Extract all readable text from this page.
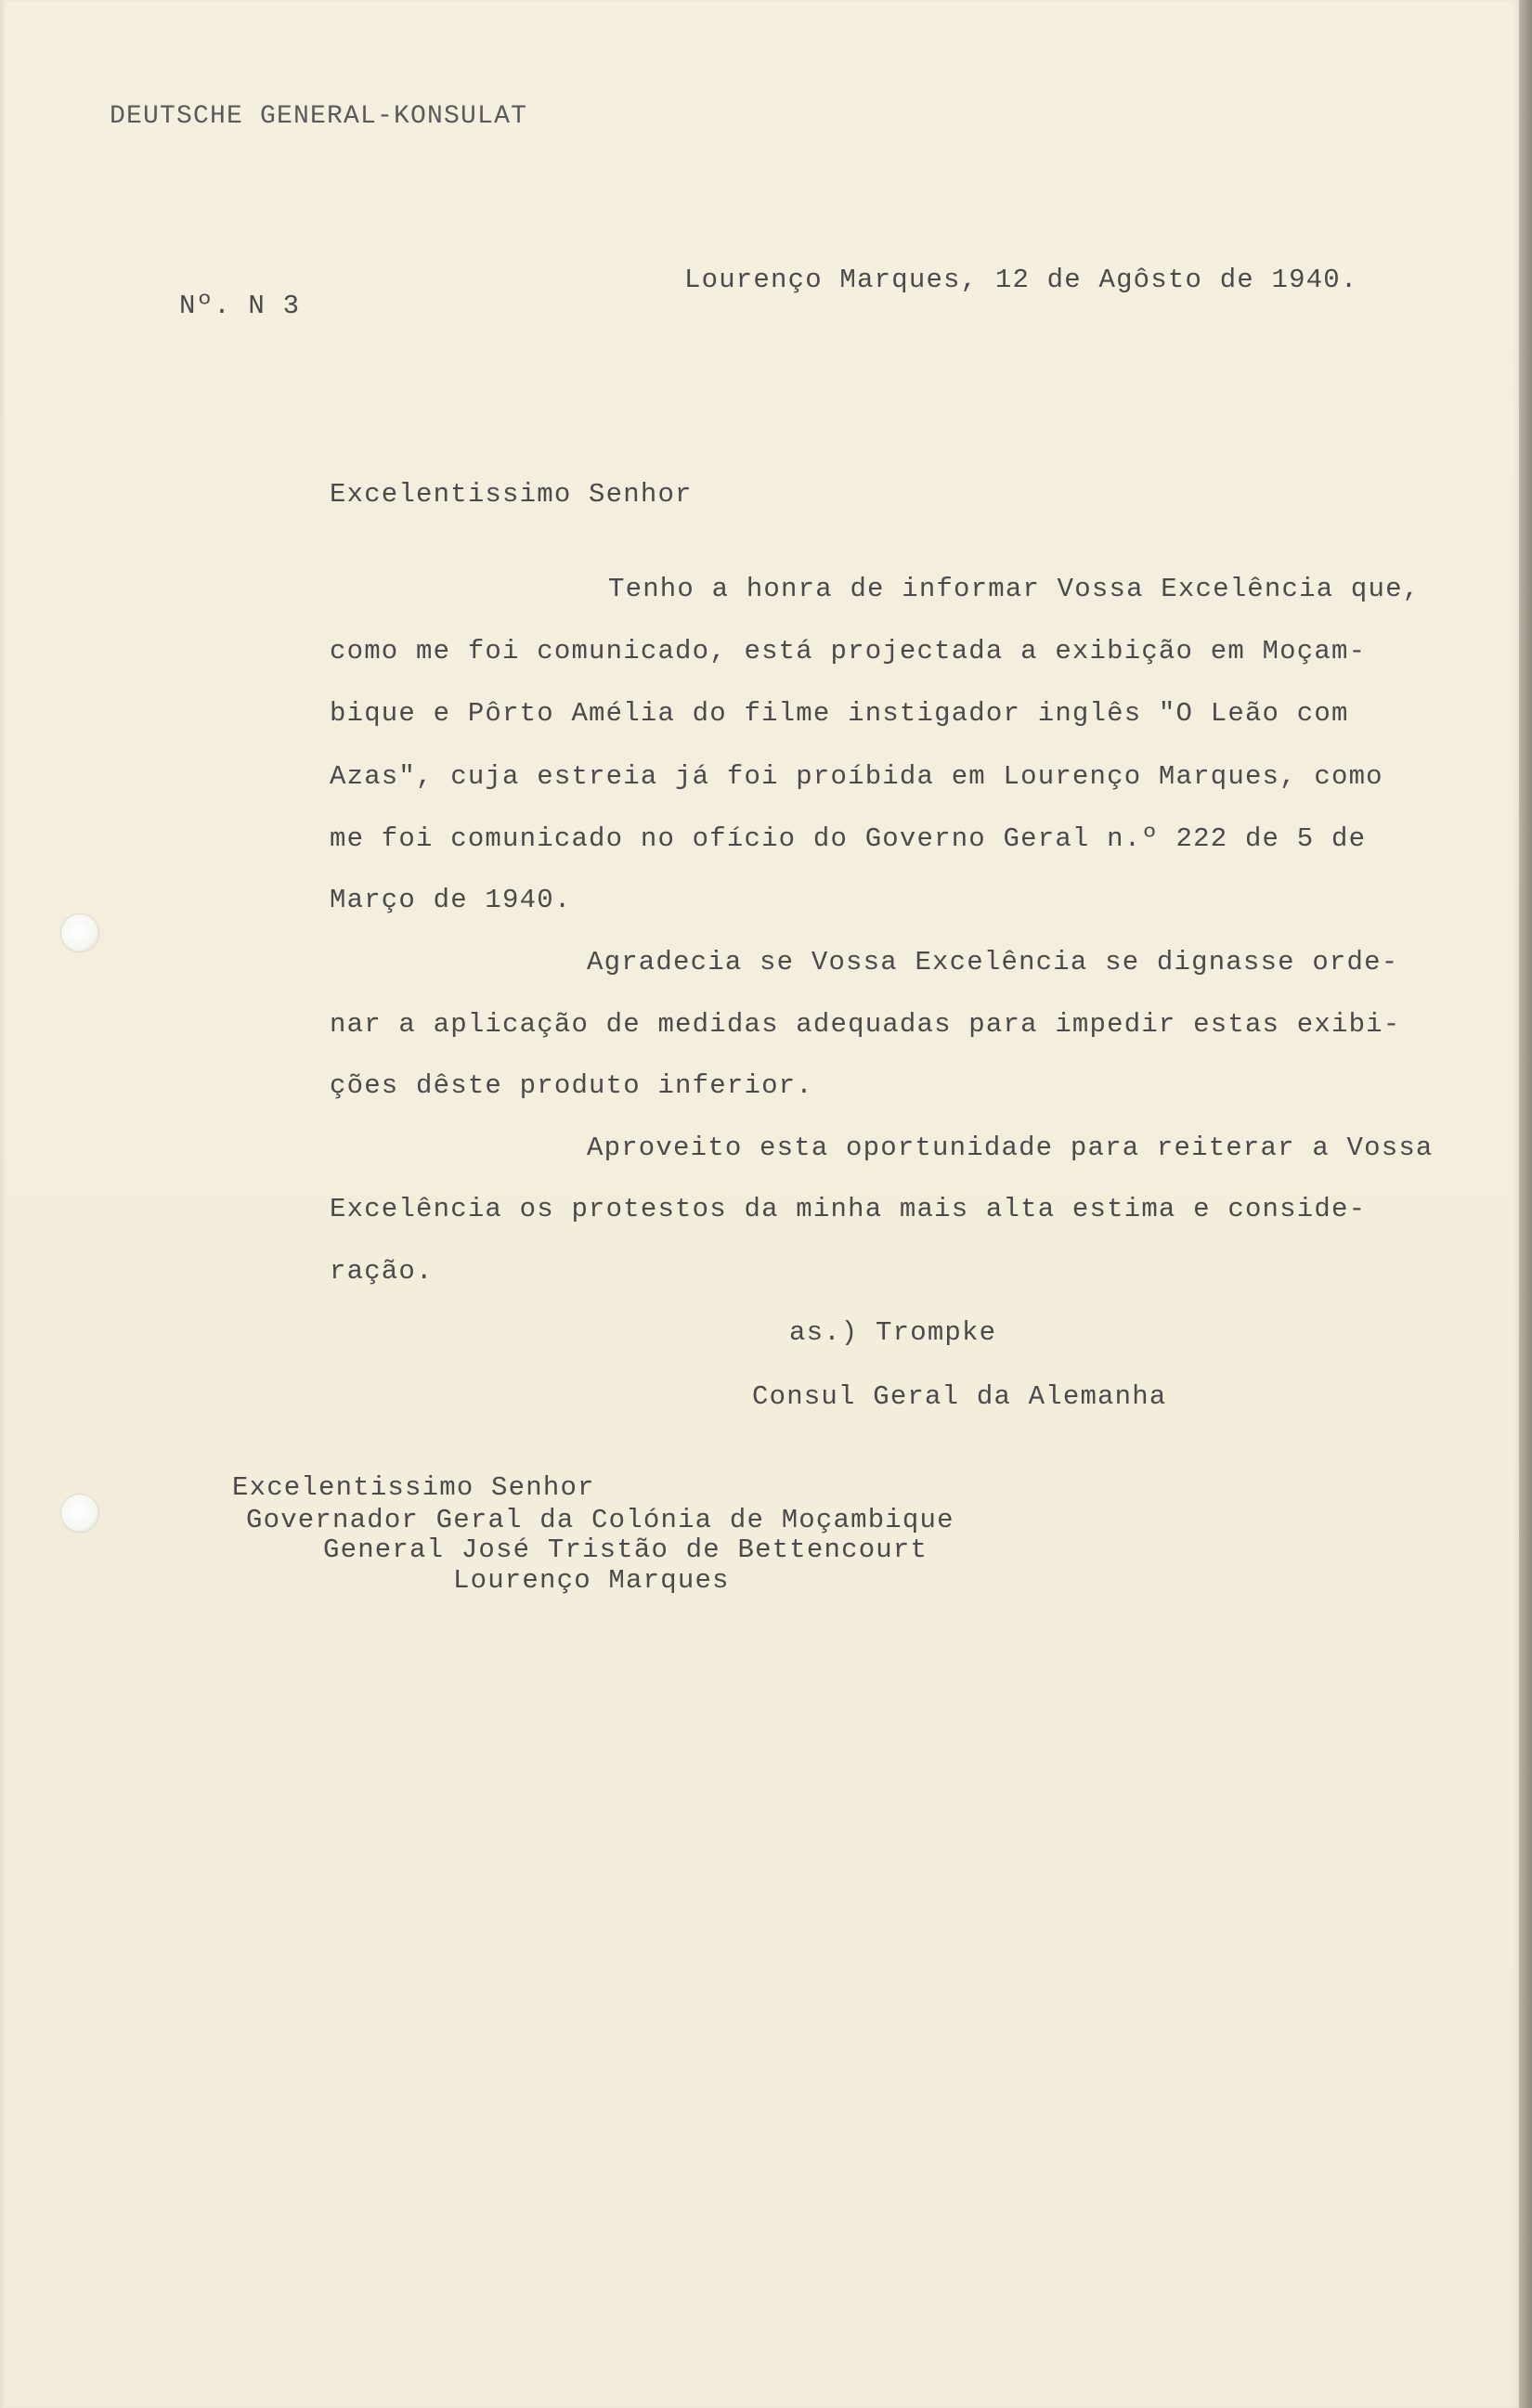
DEUTSCHE GENERAL-KONSULAT

Nº. N 3

Lourenço Marques, 12 de Agôsto de 1940.

Excelentissimo Senhor

Tenho a honra de informar Vossa Excelência que,

como me foi comunicado, está projectada a exibição em Moçam-

bique e Pôrto Amélia do filme instigador inglês "O Leão com

Azas", cuja estreia já foi proíbida em Lourenço Marques, como

me foi comunicado no ofício do Governo Geral n.º 222 de 5 de

Março de 1940.

Agradecia se Vossa Excelência se dignasse orde-

nar a aplicação de medidas adequadas para impedir estas exibi-

ções dêste produto inferior.

Aproveito esta oportunidade para reiterar a Vossa

Excelência os protestos da minha mais alta estima e conside-

ração.

as.) Trompke

Consul Geral da Alemanha

Excelentissimo Senhor

Governador Geral da Colónia de Moçambique

General José Tristão de Bettencourt

Lourenço Marques
